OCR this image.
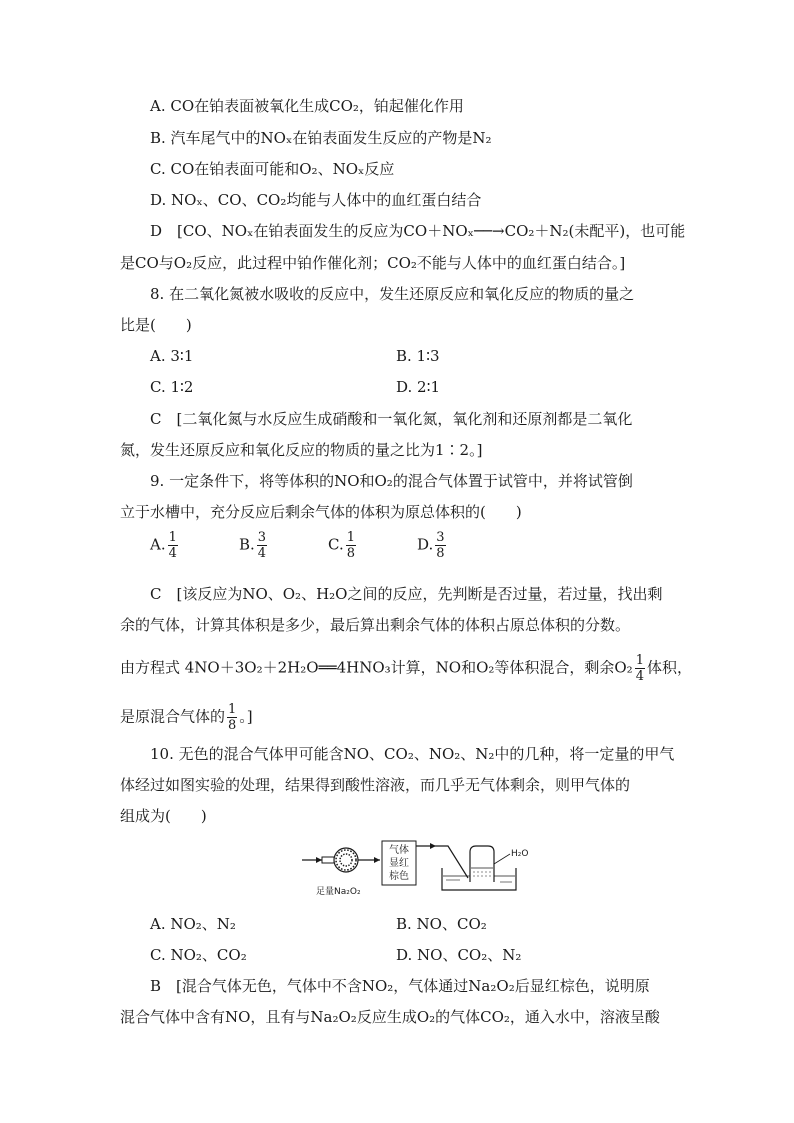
A. CO在铂表面被氧化生成CO₂，铂起催化作用
B. 汽车尾气中的NOₓ在铂表面发生反应的产物是N₂
C. CO在铂表面可能和O₂、NOₓ反应
D. NOₓ、CO、CO₂均能与人体中的血红蛋白结合
D　[CO、NOₓ在铂表面发生的反应为CO＋NOₓ──→CO₂＋N₂(未配平)，也可能
是CO与O₂反应，此过程中铂作催化剂；CO₂不能与人体中的血红蛋白结合。]
8. 在二氧化氮被水吸收的反应中，发生还原反应和氧化反应的物质的量之
比是(　　)
A. 3∶1	B. 1∶3
C. 1∶2	D. 2∶1
C　[二氧化氮与水反应生成硝酸和一氧化氮，氧化剂和还原剂都是二氧化
氮，发生还原反应和氧化反应的物质的量之比为1∶2。]
9. 一定条件下，将等体积的NO和O₂的混合气体置于试管中，并将试管倒
立于水槽中，充分反应后剩余气体的体积为原总体积的(　　)
A. $\frac{1}{4}$	B. $\frac{3}{4}$	C. $\frac{1}{8}$	D. $\frac{3}{8}$
C　[该反应为NO、O₂、H₂O之间的反应，先判断是否过量，若过量，找出剩
余的气体，计算其体积是多少，最后算出剩余气体的体积占原总体积的分数。
由方程式 4NO＋3O₂＋2H₂O══4HNO₃计算，NO和O₂等体积混合，剩余$O_2 \frac{1}{4}$ 体积，
是原混合气体的 $\frac{1}{8}$ 。]
10. 无色的混合气体甲可能含NO、CO₂、NO₂、N₂中的几种，将一定量的甲气
体经过如图实验的处理，结果得到酸性溶液，而几乎无气体剩余，则甲气体的
组成为(　　)
足量Na₂O₂
气体
显红
棕色
H₂O
A. NO₂、N₂	B. NO、CO₂
C. NO₂、CO₂	D. NO、CO₂、N₂
B　[混合气体无色，气体中不含NO₂，气体通过Na₂O₂后显红棕色，说明原
混合气体中含有NO，且有与Na₂O₂反应生成O₂的气体CO₂，通入水中，溶液呈酸
